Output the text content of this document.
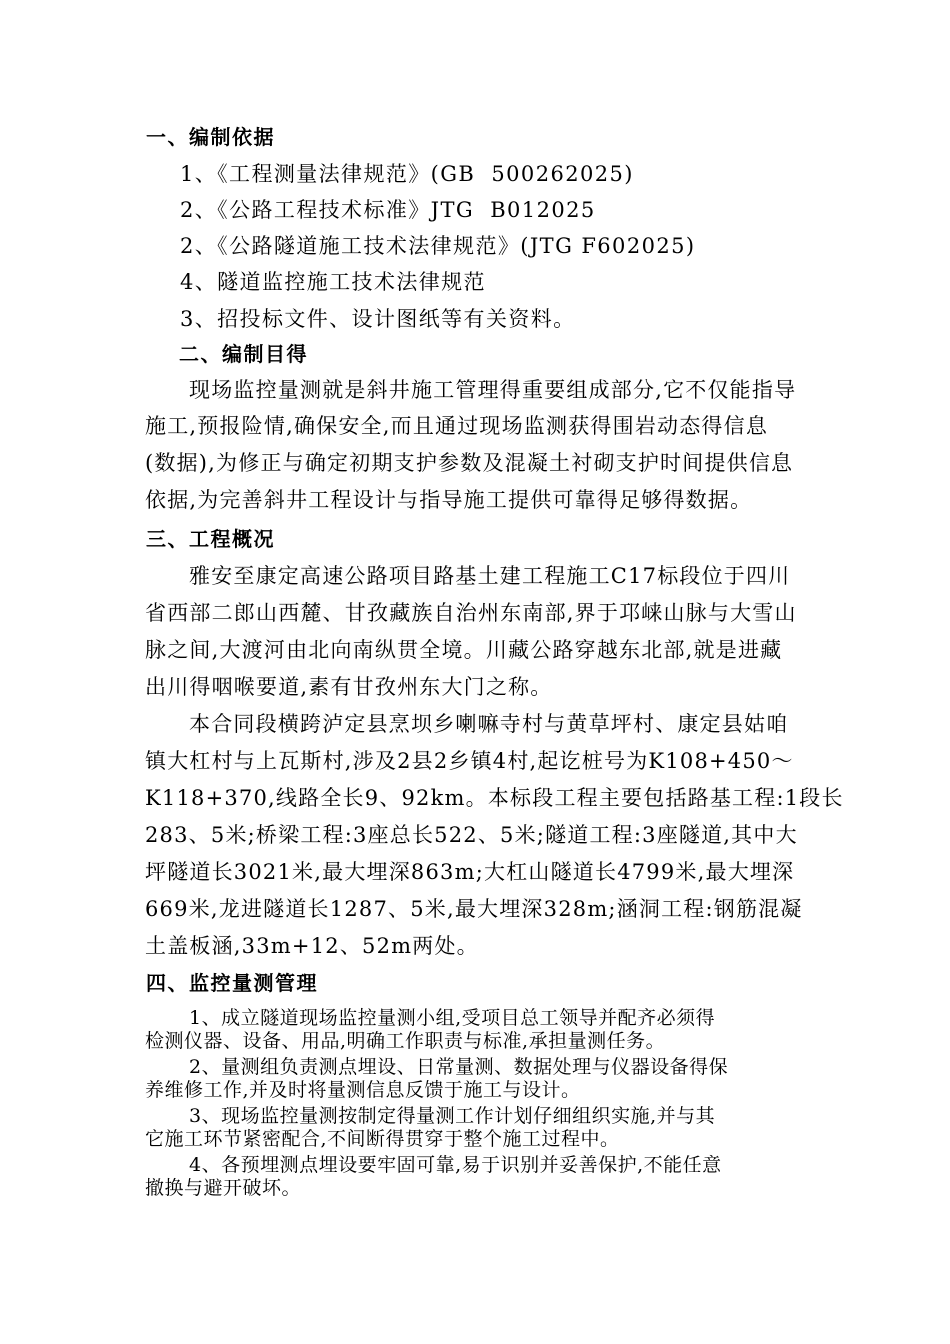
一、编制依据
1、《工程测量法律规范》(GB  500262025)
2、《公路工程技术标准》JTG  B012025
2、《公路隧道施工技术法律规范》(JTG F602025)
4、隧道监控施工技术法律规范
3、招投标文件、设计图纸等有关资料。
二、编制目得
现场监控量测就是斜井施工管理得重要组成部分,它不仅能指导
施工,预报险情,确保安全,而且通过现场监测获得围岩动态得信息
(数据),为修正与确定初期支护参数及混凝土衬砌支护时间提供信息
依据,为完善斜井工程设计与指导施工提供可靠得足够得数据。
三、工程概况
雅安至康定高速公路项目路基土建工程施工C17标段位于四川
省西部二郎山西麓、甘孜藏族自治州东南部,界于邛崃山脉与大雪山
脉之间,大渡河由北向南纵贯全境。川藏公路穿越东北部,就是进藏
出川得咽喉要道,素有甘孜州东大门之称。
本合同段横跨泸定县烹坝乡喇嘛寺村与黄草坪村、康定县姑咱
镇大杠村与上瓦斯村,涉及2县2乡镇4村,起讫桩号为K108+450～
K118+370,线路全长9、92km。本标段工程主要包括路基工程:1段长
283、5米;桥梁工程:3座总长522、5米;隧道工程:3座隧道,其中大
坪隧道长3021米,最大埋深863m;大杠山隧道长4799米,最大埋深
669米,龙进隧道长1287、5米,最大埋深328m;涵洞工程:钢筋混凝
土盖板涵,33m+12、52m两处。
四、监控量测管理
1、成立隧道现场监控量测小组,受项目总工领导并配齐必须得
检测仪器、设备、用品,明确工作职责与标准,承担量测任务。
2、量测组负责测点埋设、日常量测、数据处理与仪器设备得保
养维修工作,并及时将量测信息反馈于施工与设计。
3、现场监控量测按制定得量测工作计划仔细组织实施,并与其
它施工环节紧密配合,不间断得贯穿于整个施工过程中。
4、各预埋测点埋设要牢固可靠,易于识别并妥善保护,不能任意
撤换与避开破坏。
